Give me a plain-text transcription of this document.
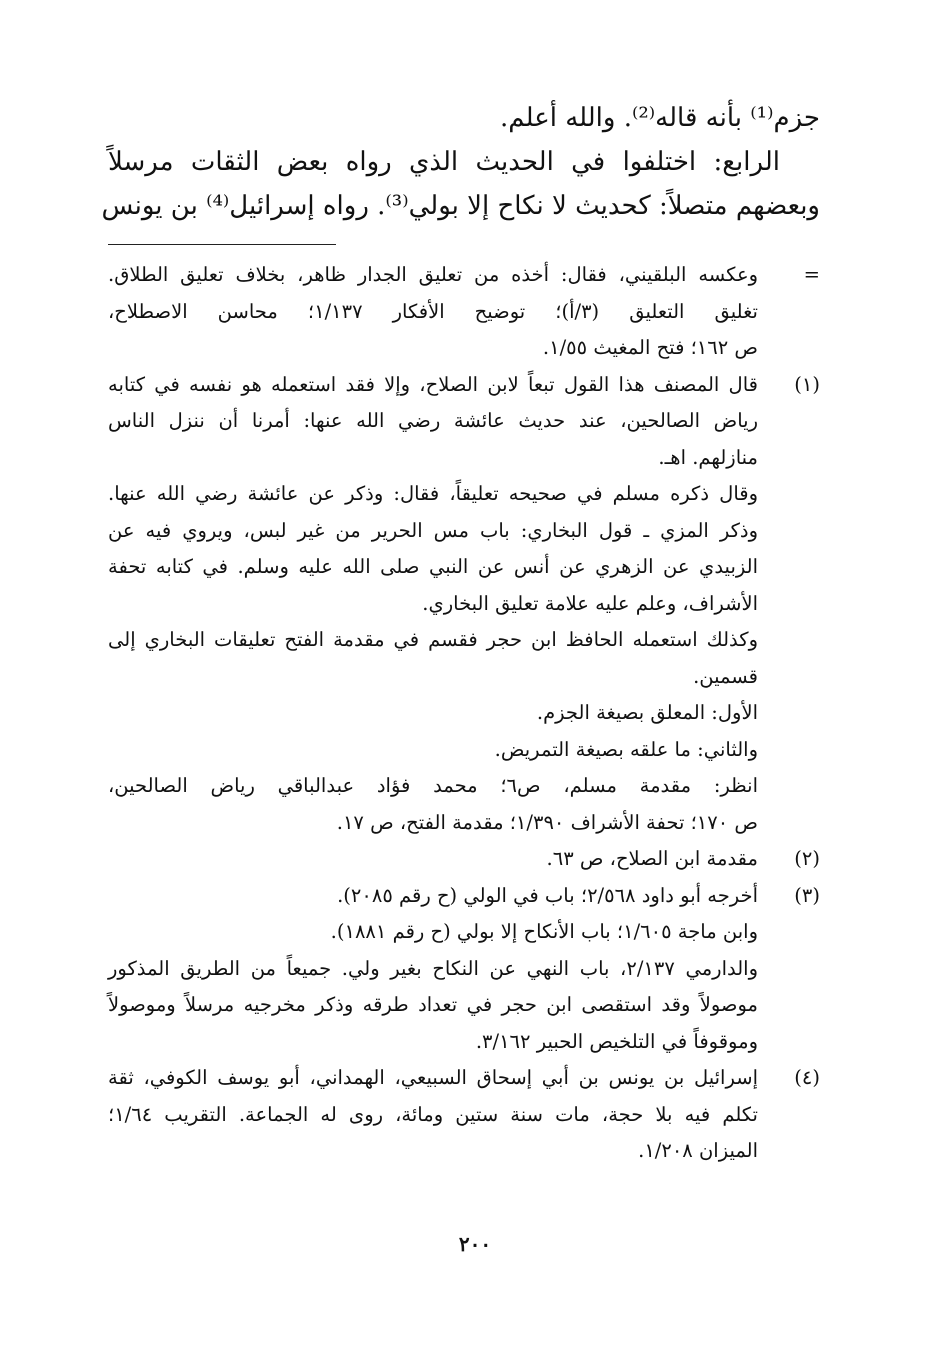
جزم⁽¹⁾ بأنه قاله⁽²⁾. والله أعلم.
الرابع: اختلفوا في الحديث الذي رواه بعض الثقات مرسلاً
وبعضهم متصلاً: كحديث لا نكاح إلا بولي⁽³⁾. رواه إسرائيل⁽⁴⁾ بن يونس
=
وعكسه البلقيني، فقال: أخذه من تعليق الجدار ظاهر، بخلاف تعليق الطلاق.
تغليق التعليق (٣/أ)؛ توضيح الأفكار ١/١٣٧؛ محاسن الاصطلاح،
ص ١٦٢؛ فتح المغيث ١/٥٥.
(١)
قال المصنف هذا القول تبعاً لابن الصلاح، وإلا فقد استعمله هو نفسه في كتابه
رياض الصالحين، عند حديث عائشة رضي الله عنها: أمرنا أن ننزل الناس
منازلهم. اهـ.
وقال ذكره مسلم في صحيحه تعليقاً، فقال: وذكر عن عائشة رضي الله عنها.
وذكر المزي ـ قول البخاري: باب مس الحرير من غير لبس، ويروي فيه عن
الزبيدي عن الزهري عن أنس عن النبي صلى الله عليه وسلم. في كتابه تحفة
الأشراف، وعلم عليه علامة تعليق البخاري.
وكذلك استعمله الحافظ ابن حجر فقسم في مقدمة الفتح تعليقات البخاري إلى
قسمين.
الأول: المعلق بصيغة الجزم.
والثاني: ما علقه بصيغة التمريض.
انظر: مقدمة مسلم، ص٦؛ محمد فؤاد عبدالباقي رياض الصالحين،
ص ١٧٠؛ تحفة الأشراف ١/٣٩٠؛ مقدمة الفتح، ص ١٧.
(٢)
مقدمة ابن الصلاح، ص ٦٣.
(٣)
أخرجه أبو داود ٢/٥٦٨؛ باب في الولي (ح رقم ٢٠٨٥).
وابن ماجة ١/٦٠٥؛ باب الأنكاح إلا بولي (ح رقم ١٨٨١).
والدارمي ٢/١٣٧، باب النهي عن النكاح بغير ولي. جميعاً من الطريق المذكور
موصولاً وقد استقصى ابن حجر في تعداد طرقه وذكر مخرجيه مرسلاً وموصولاً
وموقوفاً في التلخيص الحبير ٣/١٦٢.
(٤)
إسرائيل بن يونس بن أبي إسحاق السبيعي، الهمداني، أبو يوسف الكوفي، ثقة
تكلم فيه بلا حجة، مات سنة ستين ومائة، روى له الجماعة. التقريب ١/٦٤؛
الميزان ١/٢٠٨.
٢٠٠
